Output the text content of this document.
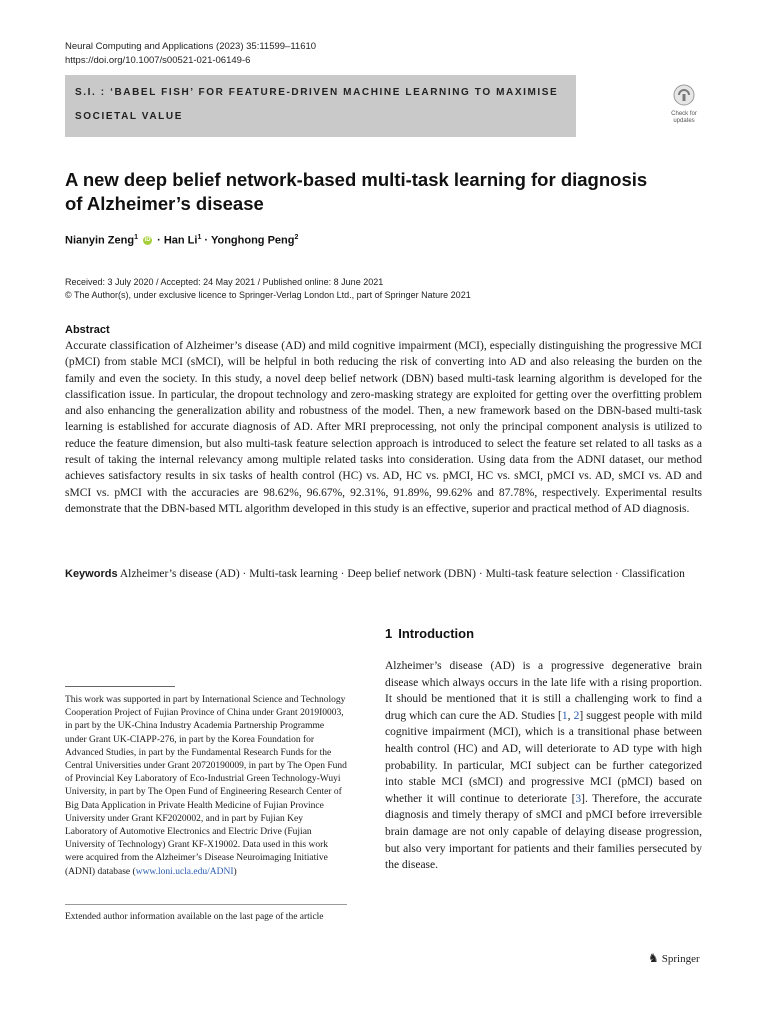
Neural Computing and Applications (2023) 35:11599–11610
https://doi.org/10.1007/s00521-021-06149-6
S.I. : ‘BABEL FISH’ FOR FEATURE-DRIVEN MACHINE LEARNING TO MAXIMISE SOCIETAL VALUE	Check for
updates
A new deep belief network-based multi-task learning for diagnosis of Alzheimer’s disease
Nianyin Zeng$^1$ iD · Han $Li^1$ · Yonghong Peng$^2$
Received: 3 July 2020 / Accepted: 24 May 2021 / Published online: 8 June 2021
© The Author(s), under exclusive licence to Springer-Verlag London Ltd., part of Springer Nature 2021
Abstract
Accurate classification of Alzheimer’s disease (AD) and mild cognitive impairment (MCI), especially distinguishing the progressive MCI (pMCI) from stable MCI (sMCI), will be helpful in both reducing the risk of converting into AD and also releasing the burden on the family and even the society. In this study, a novel deep belief network (DBN) based multi-task learning algorithm is developed for the classification issue. In particular, the dropout technology and zero-masking strategy are exploited for getting over the overfitting problem and also enhancing the generalization ability and robustness of the model. Then, a new framework based on the DBN-based multi-task learning is established for accurate diagnosis of AD. After MRI preprocessing, not only the principal component analysis is utilized to reduce the feature dimension, but also multi-task feature selection approach is introduced to select the feature set related to all tasks as a result of taking the internal relevancy among multiple related tasks into consideration. Using data from the ADNI dataset, our method achieves satisfactory results in six tasks of health control (HC) vs. AD, HC vs. pMCI, HC vs. sMCI, pMCI vs. AD, sMCI vs. AD and sMCI vs. pMCI with the accuracies are 98.62%, 96.67%, 92.31%, 91.89%, 99.62% and 87.78%, respectively. Experimental results demonstrate that the DBN-based MTL algorithm developed in this study is an effective, superior and practical method of AD diagnosis.
Keywords Alzheimer’s disease (AD) · Multi-task learning · Deep belief network (DBN) · Multi-task feature selection · Classification
1 Introduction
Alzheimer’s disease (AD) is a progressive degenerative brain disease which always occurs in the late life with a rising proportion. It should be mentioned that it is still a challenging work to find a drug which can cure the AD. Studies [1, 2] suggest people with mild cognitive impairment (MCI), which is a transitional phase between health control (HC) and AD, will deteriorate to AD type with high probability. In particular, MCI subject can be further categorized into stable MCI (sMCI) and progressive MCI (pMCI) based on whether it will continue to deteriorate [3]. Therefore, the accurate diagnosis and timely therapy of sMCI and pMCI before irreversible brain damage are not only capable of delaying disease progression, but also very important for patients and their families persecuted by the disease.
This work was supported in part by International Science and Technology Cooperation Project of Fujian Province of China under Grant 2019I0003, in part by the UK-China Industry Academia Partnership Programme under Grant UK-CIAPP-276, in part by the Korea Foundation for Advanced Studies, in part by the Fundamental Research Funds for the Central Universities under Grant 20720190009, in part by The Open Fund of Provincial Key Laboratory of Eco-Industrial Green Technology-Wuyi University, in part by The Open Fund of Engineering Research Center of Big Data Application in Private Health Medicine of Fujian Province University under Grant KF2020002, and in part by Fujian Key Laboratory of Automotive Electronics and Electric Drive (Fujian University of Technology) Grant KF-X19002. Data used in this work were acquired from the Alzheimer’s Disease Neuroimaging Initiative (ADNI) database (www.loni.ucla.edu/ADNI)
Extended author information available on the last page of the article
♞ Springer
